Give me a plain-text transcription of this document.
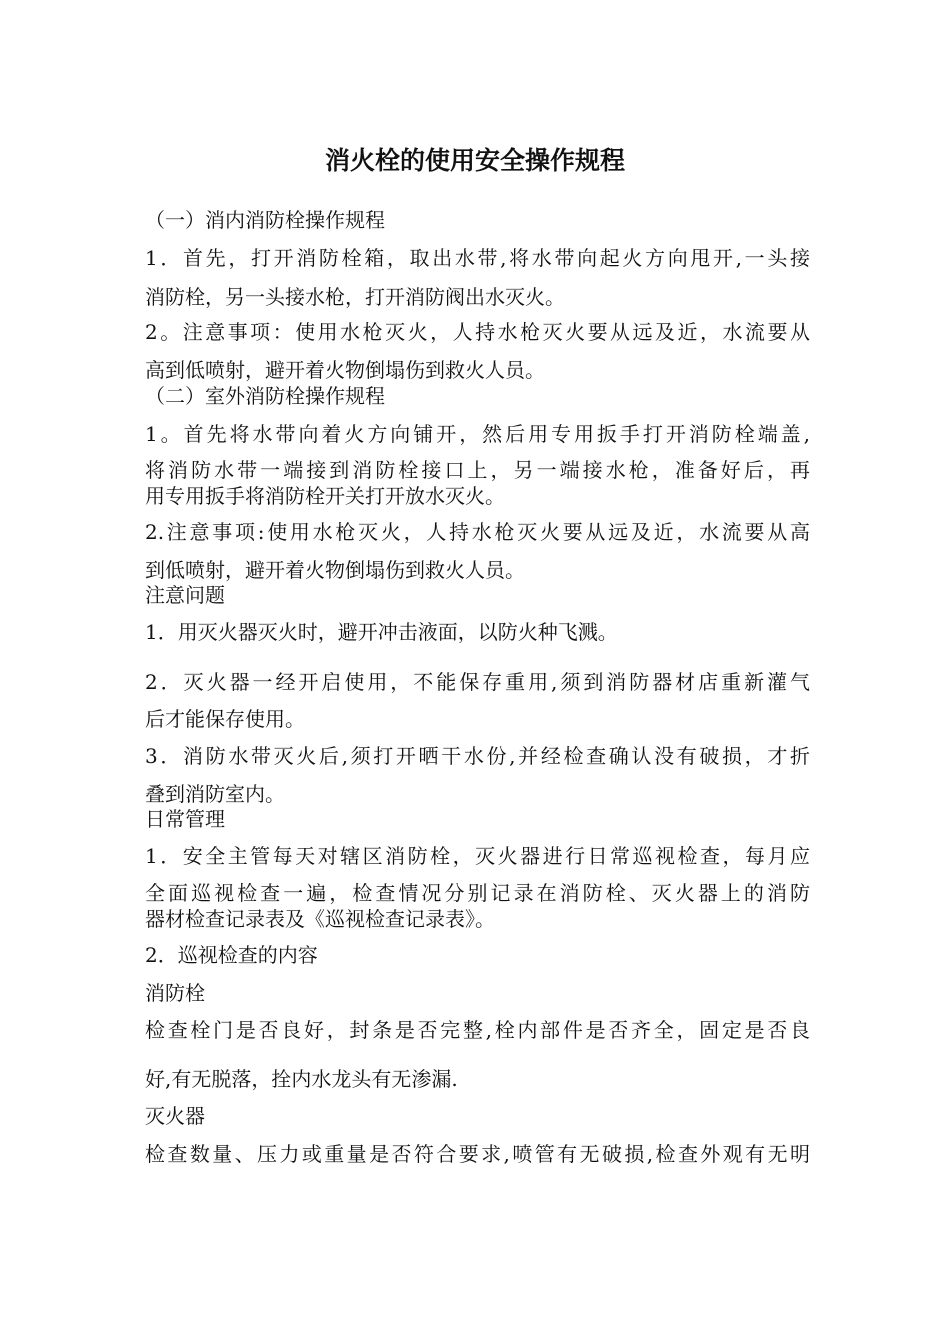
消火栓的使用安全操作规程
（一）消内消防栓操作规程
1．首先，打开消防栓箱，取出水带,将水带向起火方向甩开,一头接
消防栓，另一头接水枪，打开消防阀出水灭火。
2。注意事项：使用水枪灭火，人持水枪灭火要从远及近，水流要从
高到低喷射，避开着火物倒塌伤到救火人员。
（二）室外消防栓操作规程
1。首先将水带向着火方向铺开，然后用专用扳手打开消防栓端盖,
将消防水带一端接到消防栓接口上，另一端接水枪，准备好后，再
用专用扳手将消防栓开关打开放水灭火。
2.注意事项:使用水枪灭火，人持水枪灭火要从远及近，水流要从高
到低喷射，避开着火物倒塌伤到救火人员。
注意问题
1．用灭火器灭火时，避开冲击液面，以防火种飞溅。
2．灭火器一经开启使用，不能保存重用,须到消防器材店重新灌气
后才能保存使用。
3．消防水带灭火后,须打开晒干水份,并经检查确认没有破损，才折
叠到消防室内。
日常管理
1．安全主管每天对辖区消防栓，灭火器进行日常巡视检查，每月应
全面巡视检查一遍，检查情况分别记录在消防栓、灭火器上的消防
器材检查记录表及《巡视检查记录表》。
2．巡视检查的内容
消防栓
检查栓门是否良好，封条是否完整,栓内部件是否齐全，固定是否良
好,有无脱落，拴内水龙头有无渗漏.
灭火器
检查数量、压力或重量是否符合要求,喷管有无破损,检查外观有无明
